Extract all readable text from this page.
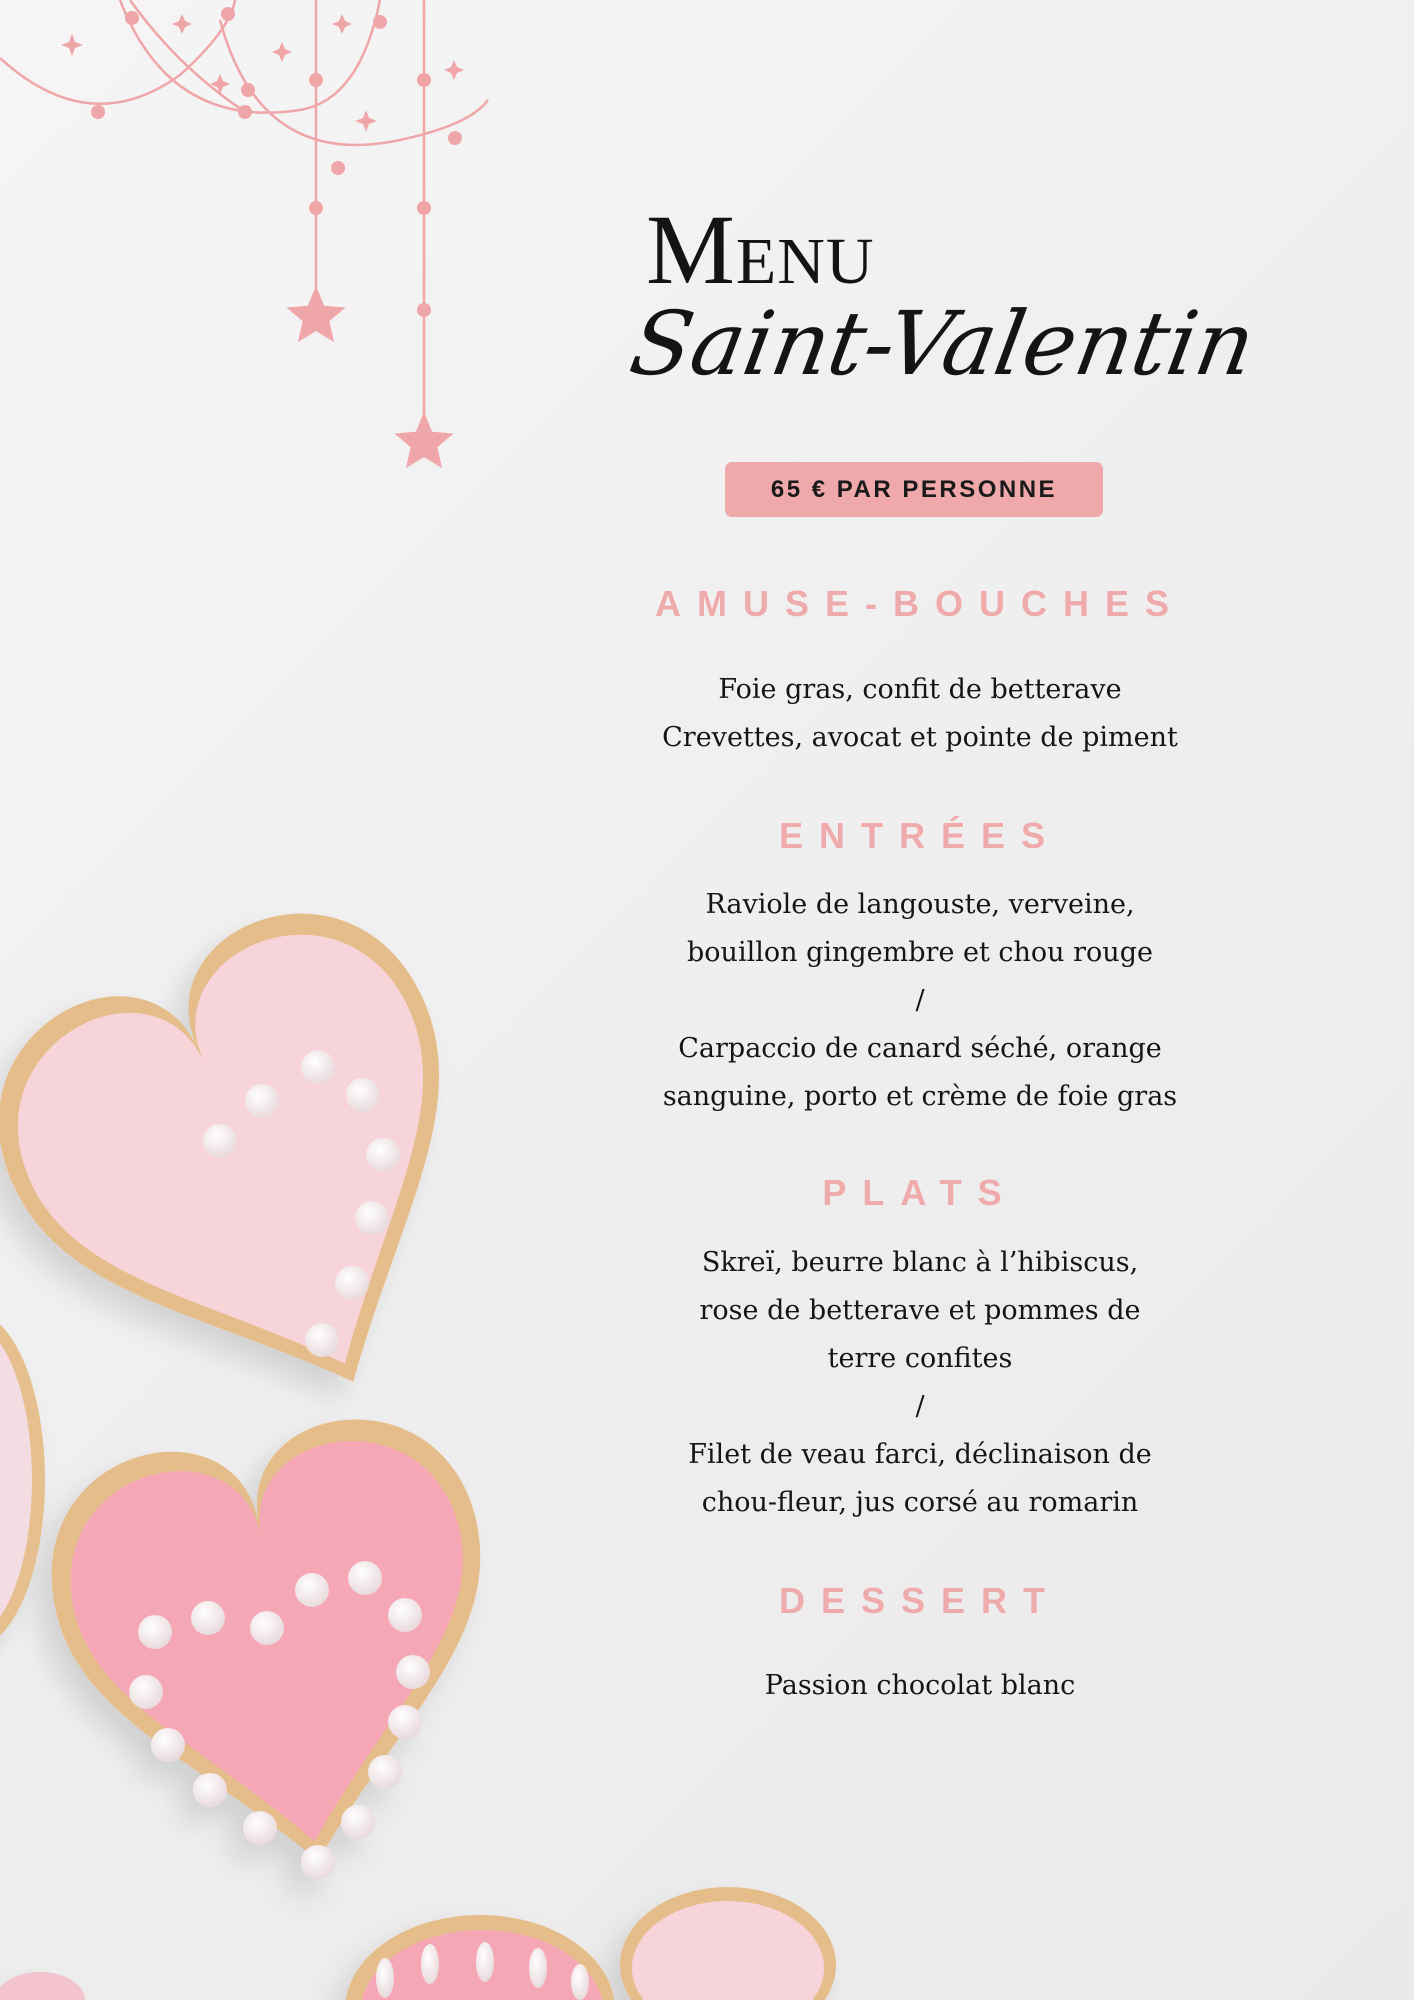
MENU
Saint-Valentin
65 € PAR PERSONNE
AMUSE-BOUCHES
Foie gras, confit de betterave
Crevettes, avocat et pointe de piment
ENTRÉES
Raviole de langouste, verveine,
bouillon gingembre et chou rouge
/
Carpaccio de canard séché, orange
sanguine, porto et crème de foie gras
PLATS
Skreï, beurre blanc à l’hibiscus,
rose de betterave et pommes de
terre confites
/
Filet de veau farci, déclinaison de
chou-fleur, jus corsé au romarin
DESSERT
Passion chocolat blanc
